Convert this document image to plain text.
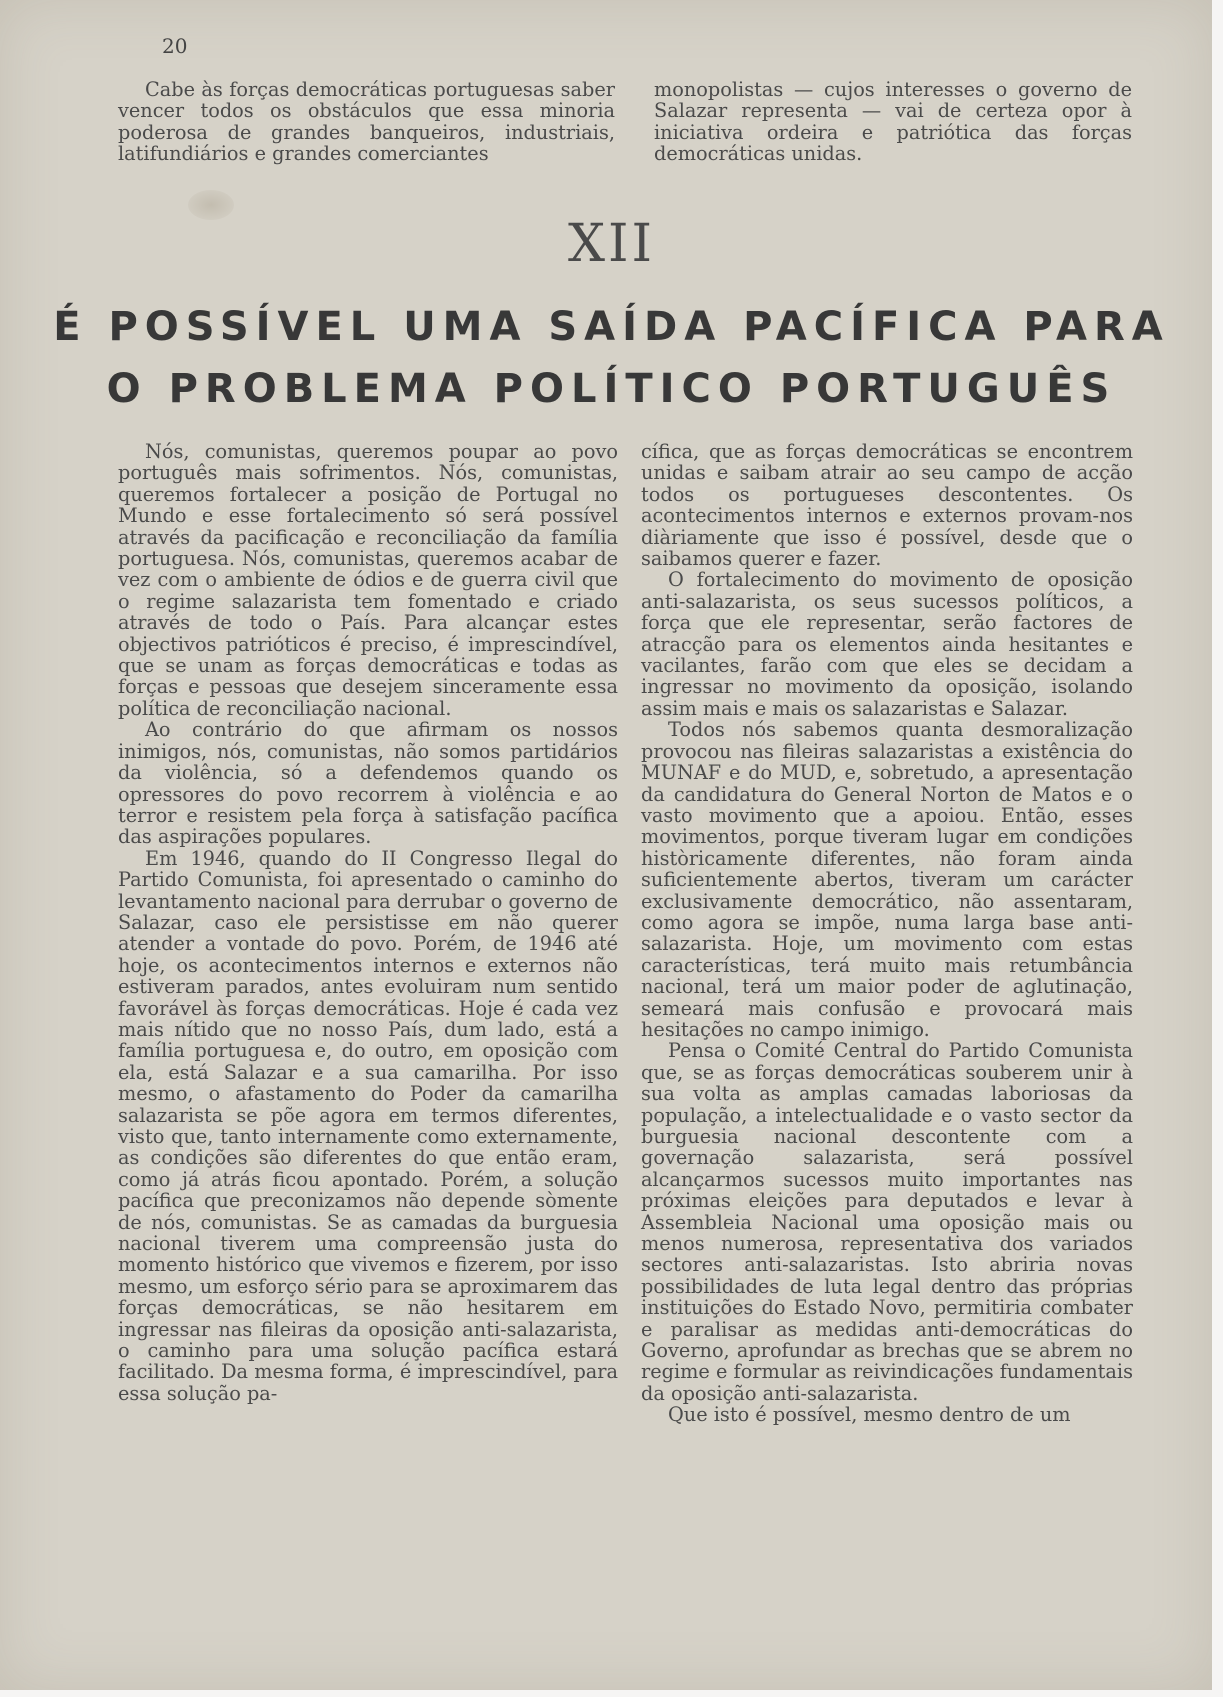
20

Cabe às forças democráticas portuguesas saber vencer todos os obstáculos que essa minoria poderosa de grandes banqueiros, industriais, latifundiários e grandes comerciantes

monopolistas — cujos interesses o governo de Salazar representa — vai de certeza opor à iniciativa ordeira e patriótica das forças democráticas unidas.

XII
É POSSÍVEL UMA SAÍDA PACÍFICA PARA
O PROBLEMA POLÍTICO PORTUGUÊS

Nós, comunistas, queremos poupar ao povo português mais sofrimentos. Nós, comunistas, queremos fortalecer a posição de Portugal no Mundo e esse fortalecimento só será possível através da pacificação e reconciliação da família portuguesa. Nós, comunistas, queremos acabar de vez com o ambiente de ódios e de guerra civil que o regime salazarista tem fomentado e criado através de todo o País. Para alcançar estes objectivos patrióticos é preciso, é imprescindível, que se unam as forças democráticas e todas as forças e pessoas que desejem sinceramente essa política de reconciliação nacional.

Ao contrário do que afirmam os nossos inimigos, nós, comunistas, não somos partidários da violência, só a defendemos quando os opressores do povo recorrem à violência e ao terror e resistem pela força à satisfação pacífica das aspirações populares.

Em 1946, quando do II Congresso Ilegal do Partido Comunista, foi apresentado o caminho do levantamento nacional para derrubar o governo de Salazar, caso ele persistisse em não querer atender a vontade do povo. Porém, de 1946 até hoje, os acontecimentos internos e externos não estiveram parados, antes evoluiram num sentido favorável às forças democráticas. Hoje é cada vez mais nítido que no nosso País, dum lado, está a família portuguesa e, do outro, em oposição com ela, está Salazar e a sua camarilha. Por isso mesmo, o afastamento do Poder da camarilha salazarista se põe agora em termos diferentes, visto que, tanto internamente como externamente, as condições são diferentes do que então eram, como já atrás ficou apontado. Porém, a solução pacífica que preconizamos não depende sòmente de nós, comunistas. Se as camadas da burguesia nacional tiverem uma compreensão justa do momento histórico que vivemos e fizerem, por isso mesmo, um esforço sério para se aproximarem das forças democráticas, se não hesitarem em ingressar nas fileiras da oposição anti-salazarista, o caminho para uma solução pacífica estará facilitado. Da mesma forma, é imprescindível, para essa solução pa-

cífica, que as forças democráticas se encontrem unidas e saibam atrair ao seu campo de acção todos os portugueses descontentes. Os acontecimentos internos e externos provam-nos diàriamente que isso é possível, desde que o saibamos querer e fazer.

O fortalecimento do movimento de oposição anti-salazarista, os seus sucessos políticos, a força que ele representar, serão factores de atracção para os elementos ainda hesitantes e vacilantes, farão com que eles se decidam a ingressar no movimento da oposição, isolando assim mais e mais os salazaristas e Salazar.

Todos nós sabemos quanta desmoralização provocou nas fileiras salazaristas a existência do MUNAF e do MUD, e, sobretudo, a apresentação da candidatura do General Norton de Matos e o vasto movimento que a apoiou. Então, esses movimentos, porque tiveram lugar em condições històricamente diferentes, não foram ainda suficientemente abertos, tiveram um carácter exclusivamente democrático, não assentaram, como agora se impõe, numa larga base anti-salazarista. Hoje, um movimento com estas características, terá muito mais retumbância nacional, terá um maior poder de aglutinação, semeará mais confusão e provocará mais hesitações no campo inimigo.

Pensa o Comité Central do Partido Comunista que, se as forças democráticas souberem unir à sua volta as amplas camadas laboriosas da população, a intelectualidade e o vasto sector da burguesia nacional descontente com a governação salazarista, será possível alcançarmos sucessos muito importantes nas próximas eleições para deputados e levar à Assembleia Nacional uma oposição mais ou menos numerosa, representativa dos variados sectores anti-salazaristas. Isto abriria novas possibilidades de luta legal dentro das próprias instituições do Estado Novo, permitiria combater e paralisar as medidas anti-democráticas do Governo, aprofundar as brechas que se abrem no regime e formular as reivindicações fundamentais da oposição anti-salazarista.

Que isto é possível, mesmo dentro de um
